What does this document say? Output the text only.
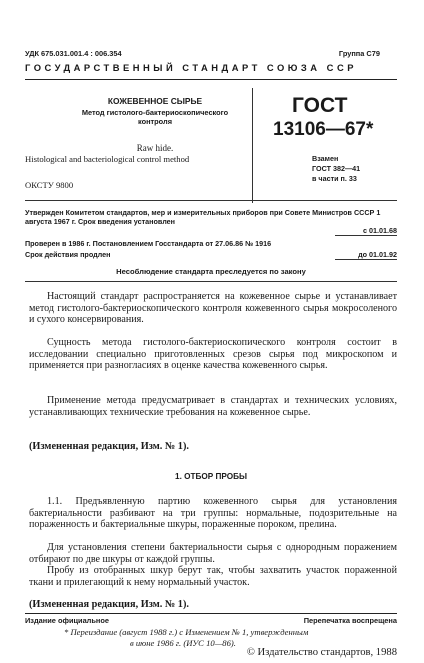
УДК 675.031.001.4 : 006.354	Группа С79
ГОСУДАРСТВЕННЫЙ СТАНДАРТ СОЮЗА ССР
КОЖЕВЕННОЕ СЫРЬЕ
Метод гистолого-бактериоскопического контроля
Raw hide.
Histological and bacteriological control method
ОКСТУ 9800
ГОСТ
13106—67*
Взамен
ГОСТ 382—41
в части п. 33
Утвержден Комитетом стандартов, мер и измерительных приборов при Совете Министров СССР 1 августа 1967 г. Срок введения установлен
с 01.01.68
Проверен в 1986 г. Постановлением Госстандарта от 27.06.86 № 1916
Срок действия продлен	до 01.01.92
Несоблюдение стандарта преследуется по закону

Настоящий стандарт распространяется на кожевенное сырье и устанавливает метод гистолого-бактериоскопического контроля кожевенного сырья мокросоленого и сухого консервирования.

Сущность метода гистолого-бактериоскопического контроля состоит в исследовании специально приготовленных срезов сырья под микроскопом и применяется при разногласиях в оценке качества кожевенного сырья.

Применение метода предусматривает в стандартах и технических условиях, устанавливающих технические требования на кожевенное сырье.

(Измененная редакция, Изм. № 1).
1. ОТБОР ПРОБЫ

1.1. Предъявленную партию кожевенного сырья для установления бактериальности разбивают на три группы: нормальные, подозрительные на пораженность и бактериальные шкуры, пораженные пороком, прелина.

Для установления степени бактериальности сырья с однородным поражением отбирают по две шкуры от каждой группы.

Пробу из отобранных шкур берут так, чтобы захватить участок пораженной ткани и прилегающий к нему нормальный участок.

(Измененная редакция, Изм. № 1).
Издание официальное	Перепечатка воспрещена
* Переиздание (август 1988 г.) с Изменением № 1, утвержденным
в июне 1986 г. (ИУС 10—86).
© Издательство стандартов, 1988
